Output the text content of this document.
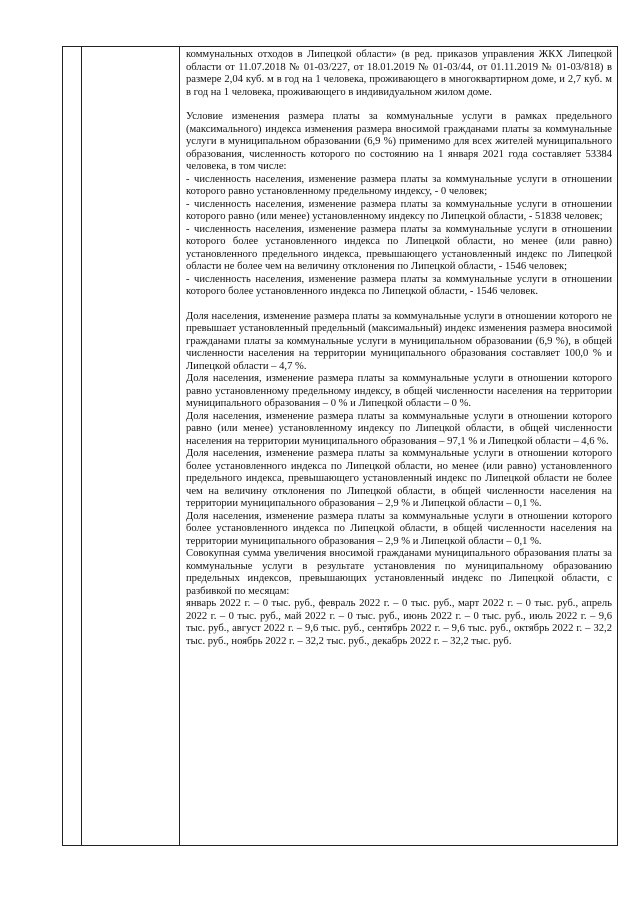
коммунальных отходов в Липецкой области» (в ред. приказов управления ЖКХ Липецкой области от 11.07.2018 № 01-03/227, от 18.01.2019 № 01-03/44, от 01.11.2019 № 01-03/818) в размере 2,04 куб. м в год на 1 человека, проживающего в многоквартирном доме, и 2,7 куб. м в год на 1 человека, проживающего в индивидуальном жилом доме.

Условие изменения размера платы за коммунальные услуги в рамках предельного (максимального) индекса изменения размера вносимой гражданами платы за коммунальные услуги в муниципальном образовании (6,9 %) применимо для всех жителей муниципального образования, численность которого по состоянию на 1 января 2021 года составляет 53384 человека, в том числе:

- численность населения, изменение размера платы за коммунальные услуги в отношении которого равно установленному предельному индексу, - 0 человек;

- численность населения, изменение размера платы за коммунальные услуги в отношении которого равно (или менее) установленному индексу по Липецкой области, - 51838 человек;

- численность населения, изменение размера платы за коммунальные услуги в отношении которого более установленного индекса по Липецкой области, но менее (или равно) установленного предельного индекса, превышающего установленный индекс по Липецкой области не более чем на величину отклонения по Липецкой области, - 1546 человек;

- численность населения, изменение размера платы за коммунальные услуги в отношении которого более установленного индекса по Липецкой области, - 1546 человек.

Доля населения, изменение размера платы за коммунальные услуги в отношении которого не превышает установленный предельный (максимальный) индекс изменения размера вносимой гражданами платы за коммунальные услуги в муниципальном образовании (6,9 %), в общей численности населения на территории муниципального образования составляет 100,0 % и Липецкой области – 4,7 %.

Доля населения, изменение размера платы за коммунальные услуги в отношении которого равно установленному предельному индексу, в общей численности населения на территории муниципального образования – 0 % и Липецкой области – 0 %.

Доля населения, изменение размера платы за коммунальные услуги в отношении которого равно (или менее) установленному индексу по Липецкой области, в общей численности населения на территории муниципального образования – 97,1 % и Липецкой области – 4,6 %.

Доля населения, изменение размера платы за коммунальные услуги в отношении которого более установленного индекса по Липецкой области, но менее (или равно) установленного предельного индекса, превышающего установленный индекс по Липецкой области не более чем на величину отклонения по Липецкой области, в общей численности населения на территории муниципального образования – 2,9 % и Липецкой области – 0,1 %.

Доля населения, изменение размера платы за коммунальные услуги в отношении которого более установленного индекса по Липецкой области, в общей численности населения на территории муниципального образования – 2,9 % и Липецкой области – 0,1 %.

Совокупная сумма увеличения вносимой гражданами муниципального образования платы за коммунальные услуги в результате установления по муниципальному образованию предельных индексов, превышающих установленный индекс по Липецкой области, с разбивкой по месяцам:

январь 2022 г. – 0 тыс. руб., февраль 2022 г. – 0 тыс. руб., март 2022 г. – 0 тыс. руб., апрель 2022 г. – 0 тыс. руб., май 2022 г. – 0 тыс. руб., июнь 2022 г. – 0 тыс. руб., июль 2022 г. – 9,6 тыс. руб., август 2022 г. – 9,6 тыс. руб., сентябрь 2022 г. – 9,6 тыс. руб., октябрь 2022 г. – 32,2 тыс. руб., ноябрь 2022 г. – 32,2 тыс. руб., декабрь 2022 г. – 32,2 тыс. руб.
